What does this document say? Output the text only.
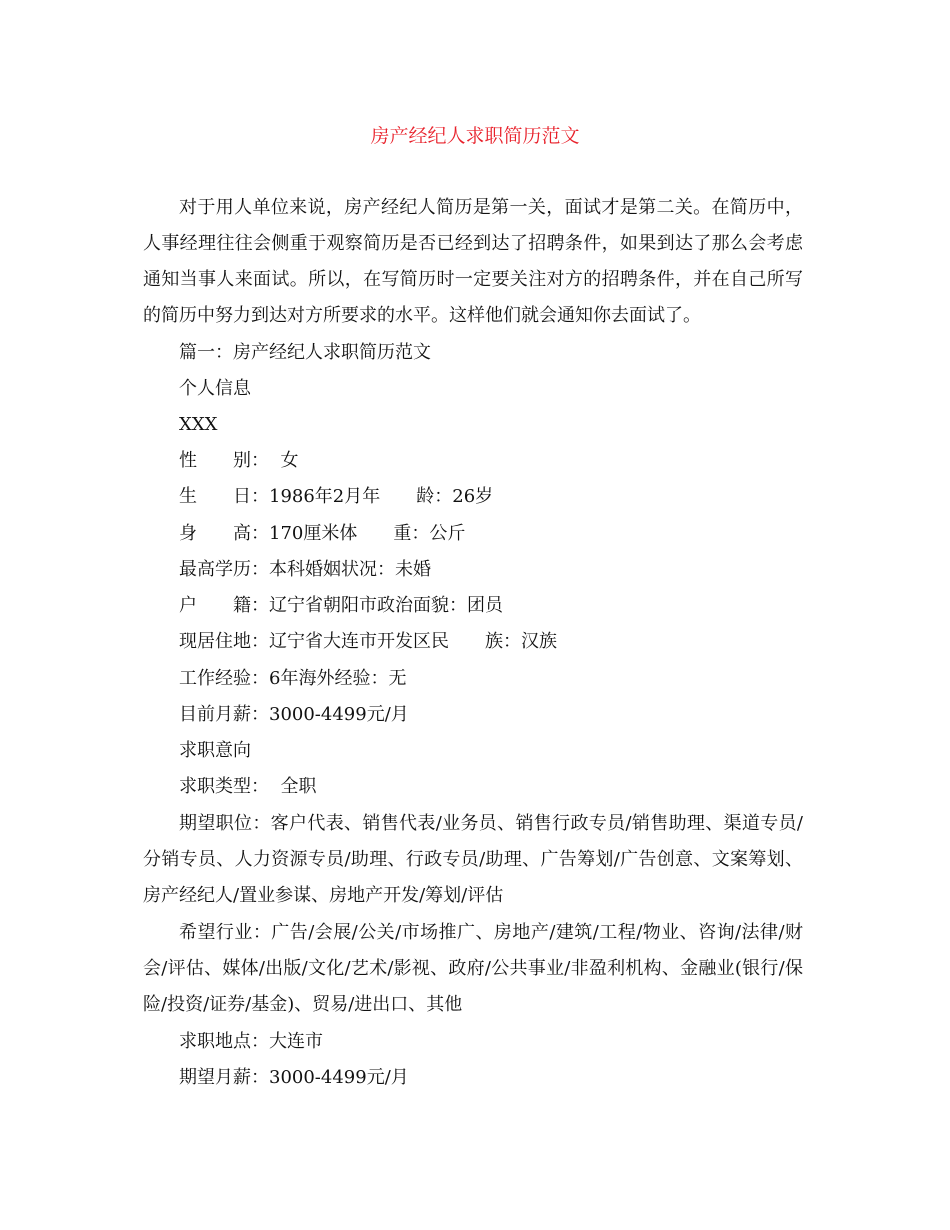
房产经纪人求职简历范文
对于用人单位来说，房产经纪人简历是第一关，面试才是第二关。在简历中，人事经理往往会侧重于观察简历是否已经到达了招聘条件，如果到达了那么会考虑通知当事人来面试。所以，在写简历时一定要关注对方的招聘条件，并在自己所写的简历中努力到达对方所要求的水平。这样他们就会通知你去面试了。
篇一：房产经纪人求职简历范文
个人信息
XXX
性　　别：  女
生　　日：1986年2月年　　龄：26岁
身　　高：170厘米体　　重：公斤
最高学历：本科婚姻状况：未婚
户　　籍：辽宁省朝阳市政治面貌：团员
现居住地：辽宁省大连市开发区民　　族：汉族
工作经验：6年海外经验：无
目前月薪：3000-4499元/月
求职意向
求职类型：  全职
期望职位：客户代表、销售代表/业务员、销售行政专员/销售助理、渠道专员/分销专员、人力资源专员/助理、行政专员/助理、广告筹划/广告创意、文案筹划、房产经纪人/置业参谋、房地产开发/筹划/评估
希望行业：广告/会展/公关/市场推广、房地产/建筑/工程/物业、咨询/法律/财会/评估、媒体/出版/文化/艺术/影视、政府/公共事业/非盈利机构、金融业(银行/保险/投资/证券/基金)、贸易/进出口、其他
求职地点：大连市
期望月薪：3000-4499元/月
